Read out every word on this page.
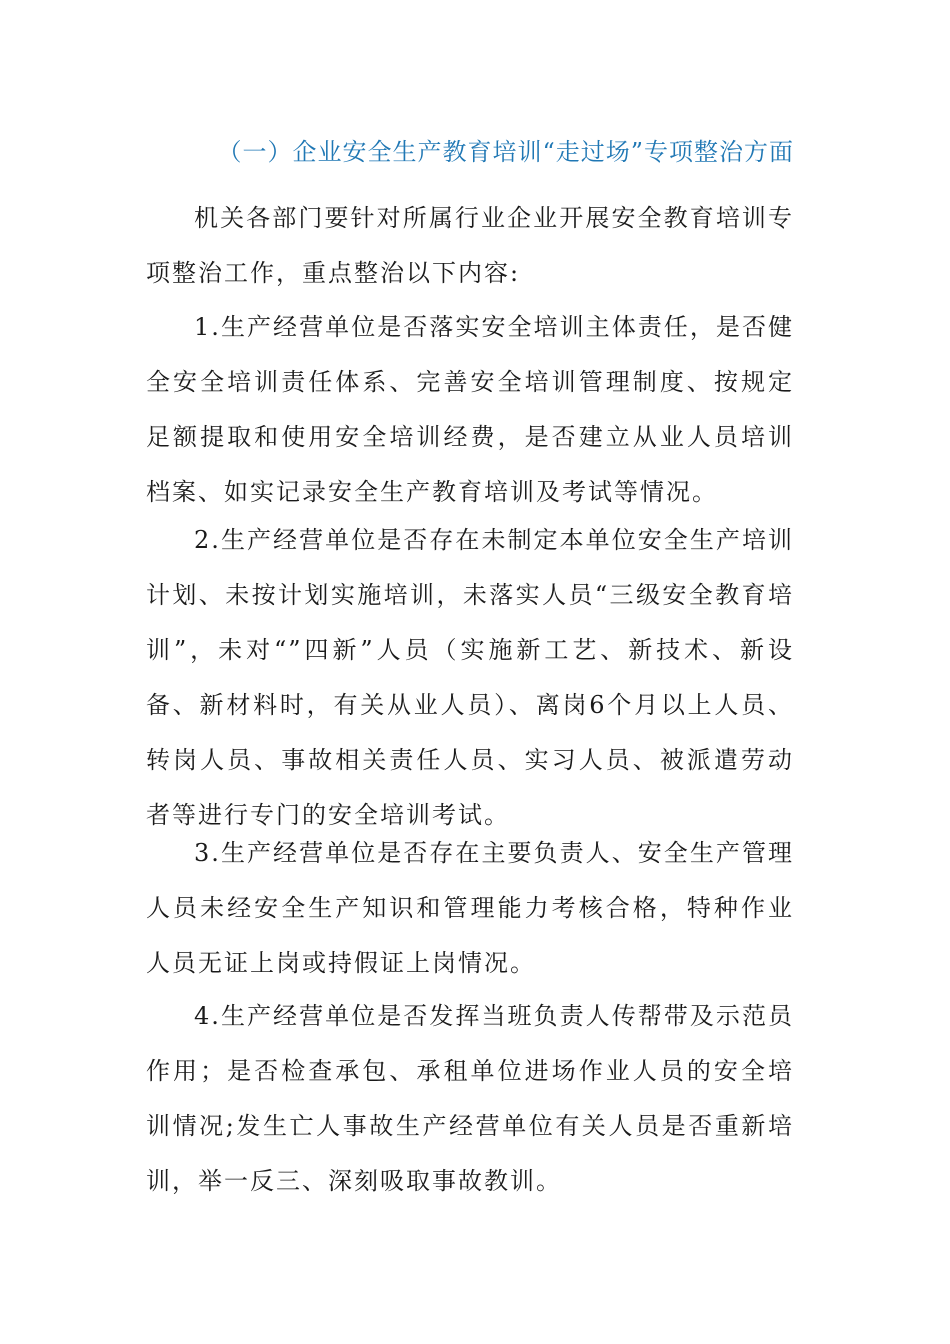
（一）企业安全生产教育培训“走过场”专项整治方面
机关各部门要针对所属行业企业开展安全教育培训专项整治工作，重点整治以下内容:
1.生产经营单位是否落实安全培训主体责任，是否健全安全培训责任体系、完善安全培训管理制度、按规定足额提取和使用安全培训经费，是否建立从业人员培训档案、如实记录安全生产教育培训及考试等情况。
2.生产经营单位是否存在未制定本单位安全生产培训计划、未按计划实施培训，未落实人员“三级安全教育培训”，未对“”四新”人员（实施新工艺、新技术、新设备、新材料时，有关从业人员）、离岗6个月以上人员、转岗人员、事故相关责任人员、实习人员、被派遣劳动者等进行专门的安全培训考试。
3.生产经营单位是否存在主要负责人、安全生产管理人员未经安全生产知识和管理能力考核合格，特种作业人员无证上岗或持假证上岗情况。
4.生产经营单位是否发挥当班负责人传帮带及示范员作用；是否检查承包、承租单位进场作业人员的安全培训情况;发生亡人事故生产经营单位有关人员是否重新培训，举一反三、深刻吸取事故教训。
